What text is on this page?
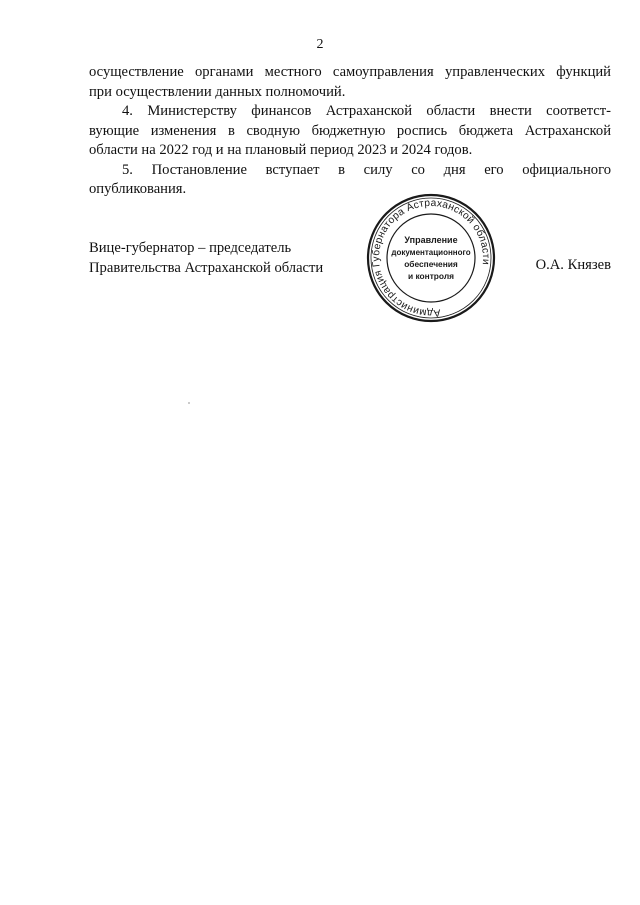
2

осуществление органами местного самоуправления управленческих функций

при осуществлении данных полномочий.

4. Министерству финансов Астраханской области внести соответст-

вующие изменения в сводную бюджетную роспись бюджета Астраханской

области на 2022 год и на плановый период 2023 и 2024 годов.

5. Постановление вступает в силу со дня его официального

опубликования.

Вице-губернатор – председатель
Правительства Астраханской области	О.А. Князев
Администрация Губернатора Астраханской области
Управление
документационного
обеспечения
и контроля
